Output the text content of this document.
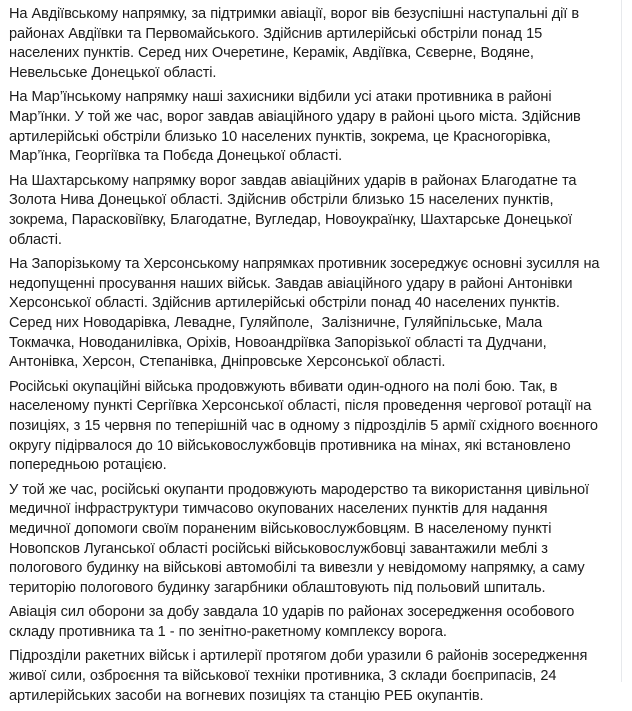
На Авдіївському напрямку, за підтримки авіації, ворог вів безуспішні наступальні дії в районах Авдіївки та Первомайського. Здійснив артилерійські обстріли понад 15 населених пунктів. Серед них Очеретине, Керамік, Авдіївка, Сєверне, Водяне, Невельське Донецької області.

На Мар’їнському напрямку наші захисники відбили усі атаки противника в районі Мар’їнки. У той же час, ворог завдав авіаційного удару в районі цього міста. Здійснив артилерійські обстріли близько 10 населених пунктів, зокрема, це Красногорівка, Мар’їнка, Георгіївка та Побєда Донецької області.

На Шахтарському напрямку ворог завдав авіаційних ударів в районах Благодатне та Золота Нива Донецької області. Здійснив обстріли близько 15 населених пунктів, зокрема, Парасковіївку, Благодатне, Вугледар, Новоукраїнку, Шахтарське Донецької області.

На Запорізькому та Херсонському напрямках противник зосереджує основні зусилля на недопущенні просування наших військ. Завдав авіаційного удару в районі Антонівки Херсонської області. Здійснив артилерійські обстріли понад 40 населених пунктів. Серед них Новодарівка, Левадне, Гуляйполе,  Залізничне, Гуляйпільське, Мала Токмачка, Новоданилівка, Оріхів, Новоандріївка Запорізької області та Дудчани, Антонівка, Херсон, Степанівка, Дніпровське Херсонської області.

Російські окупаційні війська продовжують вбивати один-одного на полі бою. Так, в населеному пункті Сергіївка Херсонської області, після проведення чергової ротації на позиціях, з 15 червня по теперішній час в одному з підрозділів 5 армії східного воєнного округу підірвалося до 10 військовослужбовців противника на мінах, які встановлено попередньою ротацією.

У той же час, російські окупанти продовжують мародерство та використання цивільної медичної інфраструктури тимчасово окупованих населених пунктів для надання медичної допомоги своїм пораненим військовослужбовцям. В населеному пункті Новопсков Луганської області російські військовослужбовці завантажили меблі з пологового будинку на військові автомобілі та вивезли у невідомому напрямку, а саму територію пологового будинку загарбники облаштовують під польовий шпиталь.

Авіація сил оборони за добу завдала 10 ударів по районах зосередження особового складу противника та 1 - по зенітно-ракетному комплексу ворога.

Підрозділи ракетних військ і артилерії протягом доби уразили 6 районів зосередження живої сили, озброєння та військової техніки противника, 3 склади боєприпасів, 24 артилерійських засоби на вогневих позиціях та станцію РЕБ окупантів.
